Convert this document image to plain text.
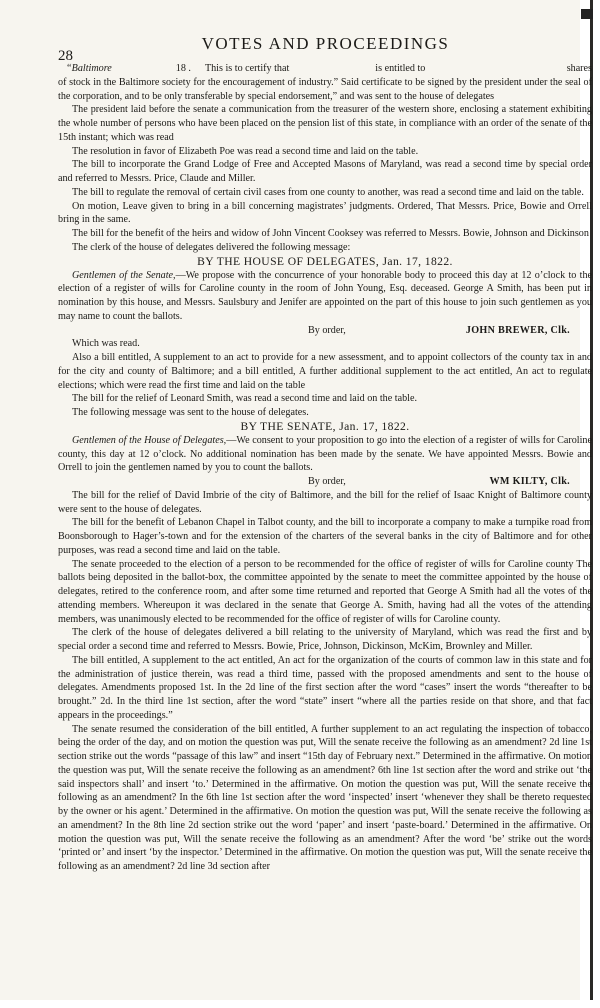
28
VOTES AND PROCEEDINGS

“Baltimore	18 . This is to certify that	is entitled to	shares

of stock in the Baltimore society for the encouragement of industry.” Said certificate to be signed by the president under the seal of the corporation, and to be only transferable by special endorsement,” and was sent to the house of delegates

The president laid before the senate a communication from the treasurer of the western shore, enclosing a statement exhibiting the whole number of persons who have been placed on the pension list of this state, in compliance with an order of the senate of the 15th instant; which was read

The resolution in favor of Elizabeth Poe was read a second time and laid on the table.

The bill to incorporate the Grand Lodge of Free and Accepted Masons of Maryland, was read a second time by special order and referred to Messrs. Price, Claude and Miller.

The bill to regulate the removal of certain civil cases from one county to another, was read a second time and laid on the table.

On motion, Leave given to bring in a bill concerning magistrates’ judgments. Ordered, That Messrs. Price, Bowie and Orrell bring in the same.

The bill for the benefit of the heirs and widow of John Vincent Cooksey was referred to Messrs. Bowie, Johnson and Dickinson

The clerk of the house of delegates delivered the following message:

BY THE HOUSE OF DELEGATES, Jan. 17, 1822.

Gentlemen of the Senate,—We propose with the concurrence of your honorable body to proceed this day at 12 o’clock to the election of a register of wills for Caroline county in the room of John Young, Esq. deceased. George A Smith, has been put in nomination by this house, and Messrs. Saulsbury and Jenifer are appointed on the part of this house to join such gentlemen as you may name to count the ballots.

By order,	JOHN BREWER, Clk.

Which was read.

Also a bill entitled, A supplement to an act to provide for a new assessment, and to appoint collectors of the county tax in and for the city and county of Baltimore; and a bill entitled, A further additional supplement to the act entitled, An act to regulate elections; which were read the first time and laid on the table

The bill for the relief of Leonard Smith, was read a second time and laid on the table.

The following message was sent to the house of delegates.

BY THE SENATE, Jan. 17, 1822.

Gentlemen of the House of Delegates,—We consent to your proposition to go into the election of a register of wills for Caroline county, this day at 12 o’clock. No additional nomination has been made by the senate. We have appointed Messrs. Bowie and Orrell to join the gentlemen named by you to count the ballots.

By order,	WM KILTY, Clk.

The bill for the relief of David Imbrie of the city of Baltimore, and the bill for the relief of Isaac Knight of Baltimore county were sent to the house of delegates.

The bill for the benefit of Lebanon Chapel in Talbot county, and the bill to incorporate a company to make a turnpike road from Boonsborough to Hager’s-town and for the extension of the charters of the several banks in the city of Baltimore and for other purposes, was read a second time and laid on the table.

The senate proceeded to the election of a person to be recommended for the office of register of wills for Caroline county The ballots being deposited in the ballot-box, the committee appointed by the senate to meet the committee appointed by the house of delegates, retired to the conference room, and after some time returned and reported that George A Smith had all the votes of the attending members. Whereupon it was declared in the senate that George A. Smith, having had all the votes of the attending members, was unanimously elected to be recommended for the office of register of wills for Caroline county.

The clerk of the house of delegates delivered a bill relating to the university of Maryland, which was read the first and by special order a second time and referred to Messrs. Bowie, Price, Johnson, Dickinson, McKim, Brownley and Miller.

The bill entitled, A supplement to the act entitled, An act for the organization of the courts of common law in this state and for the administration of justice therein, was read a third time, passed with the proposed amendments and sent to the house of delegates. Amendments proposed 1st. In the 2d line of the first section after the word “cases” insert the words “thereafter to be brought.” 2d. In the third line 1st section, after the word “state” insert “where all the parties reside on that shore, and that fact appears in the proceedings.”

The senate resumed the consideration of the bill entitled, A further supplement to an act regulating the inspection of tobacco, being the order of the day, and on motion the question was put, Will the senate receive the following as an amendment? 2d line 1st section strike out the words “passage of this law” and insert “15th day of February next.” Determined in the affirmative. On motion the question was put, Will the senate receive the following as an amendment? 6th line 1st section after the word and strike out ‘the said inspectors shall’ and insert ‘to.’ Determined in the affirmative. On motion the question was put, Will the senate receive the following as an amendment? In the 6th line 1st section after the word ‘inspected’ insert ‘whenever they shall be thereto requested by the owner or his agent.’ Determined in the affirmative. On motion the question was put, Will the senate receive the following as an amendment? In the 8th line 2d section strike out the word ‘paper’ and insert ‘paste-board.’ Determined in the affirmative. On motion the question was put, Will the senate receive the following as an amendment? After the word ‘be’ strike out the words ‘printed or’ and insert ‘by the inspector.’ Determined in the affirmative. On motion the question was put, Will the senate receive the following as an amendment? 2d line 3d section after
